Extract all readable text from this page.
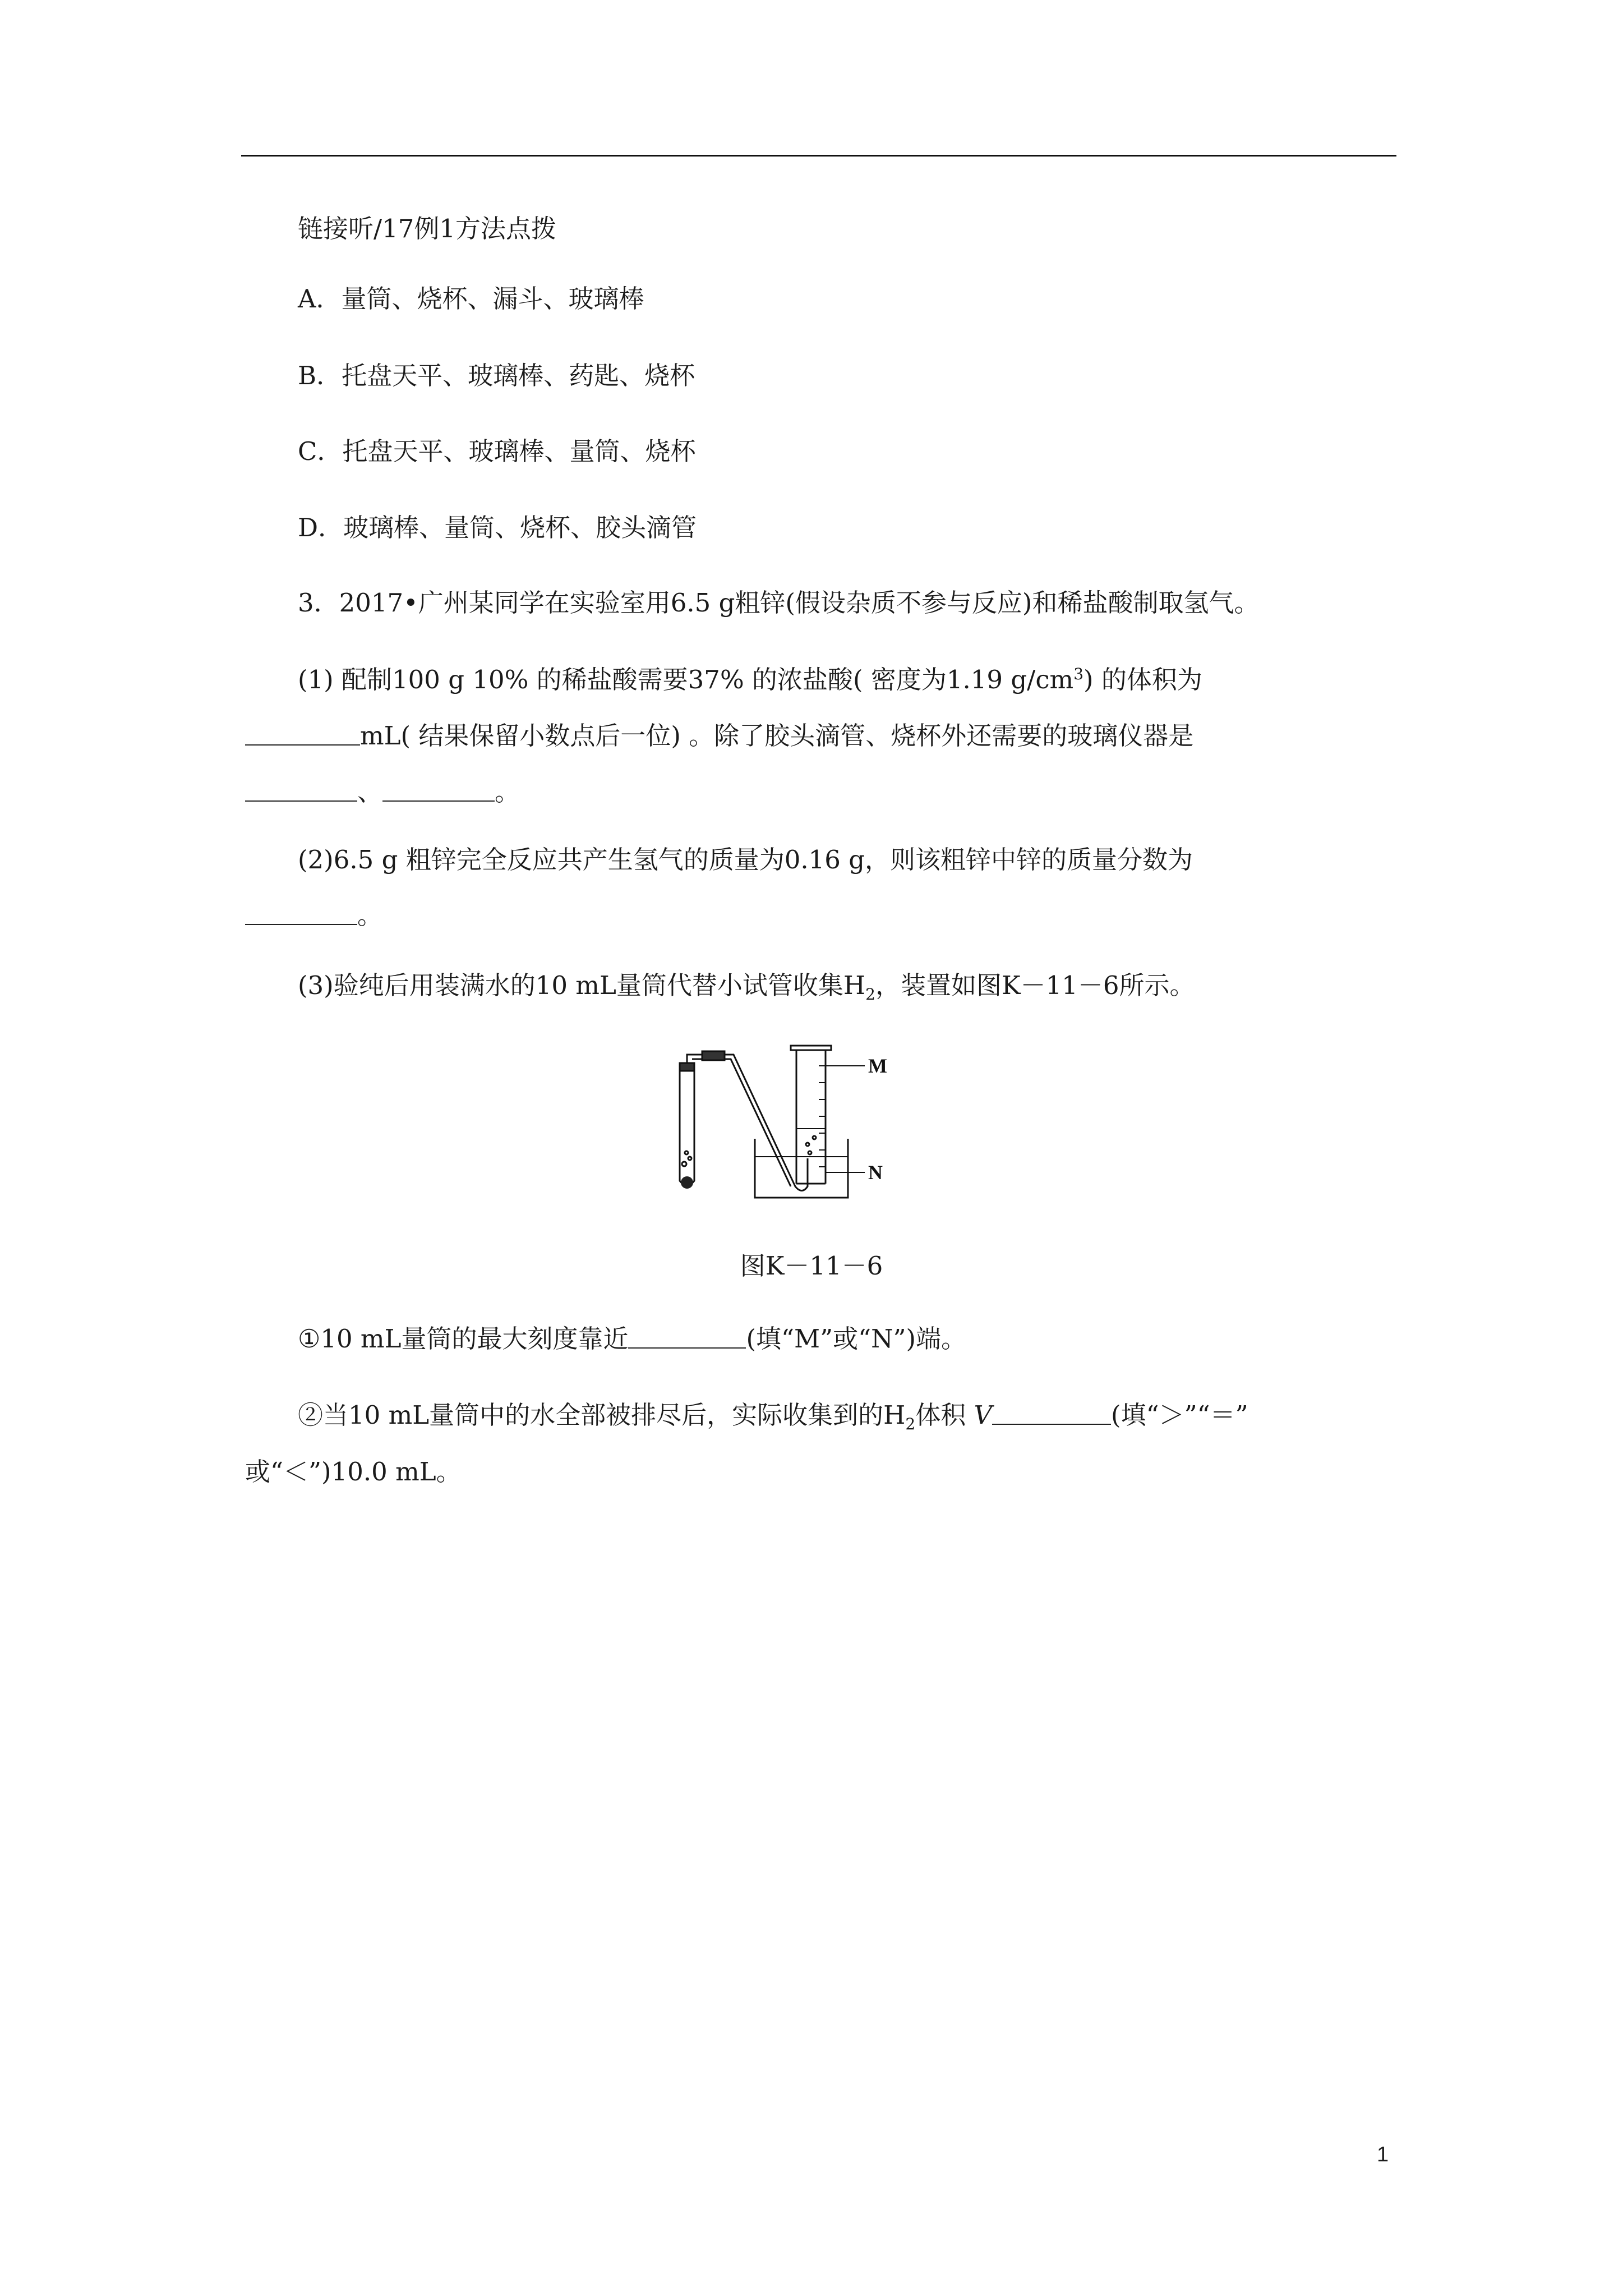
链接听/17例1方法点拨
A．量筒、烧杯、漏斗、玻璃棒
B．托盘天平、玻璃棒、药匙、烧杯
C．托盘天平、玻璃棒、量筒、烧杯
D．玻璃棒、量筒、烧杯、胶头滴管
3．2017•广州某同学在实验室用6.5 g粗锌(假设杂质不参与反应)和稀盐酸制取氢气。
(1) 配制100 g 10% 的稀盐酸需要37% 的浓盐酸( 密度为1.19 $g/cm^3$) 的体积为
mL( 结果保留小数点后一位) 。除了胶头滴管、烧杯外还需要的玻璃仪器是
、	。
(2)6.5 g 粗锌完全反应共产生氢气的质量为0.16 g，则该粗锌中锌的质量分数为
。
(3)验纯后用装满水的10 mL量筒代替小试管收集$H_2$，装置如图K－11－6所示。
M
N
图K－11－6
①10 mL量筒的最大刻度靠近	(填“M”或“N”)端。
②当10 mL量筒中的水全部被排尽后，实际收集到的$H_2$体积 V	(填“＞”“＝”
或“＜”)10.0 mL。
1
